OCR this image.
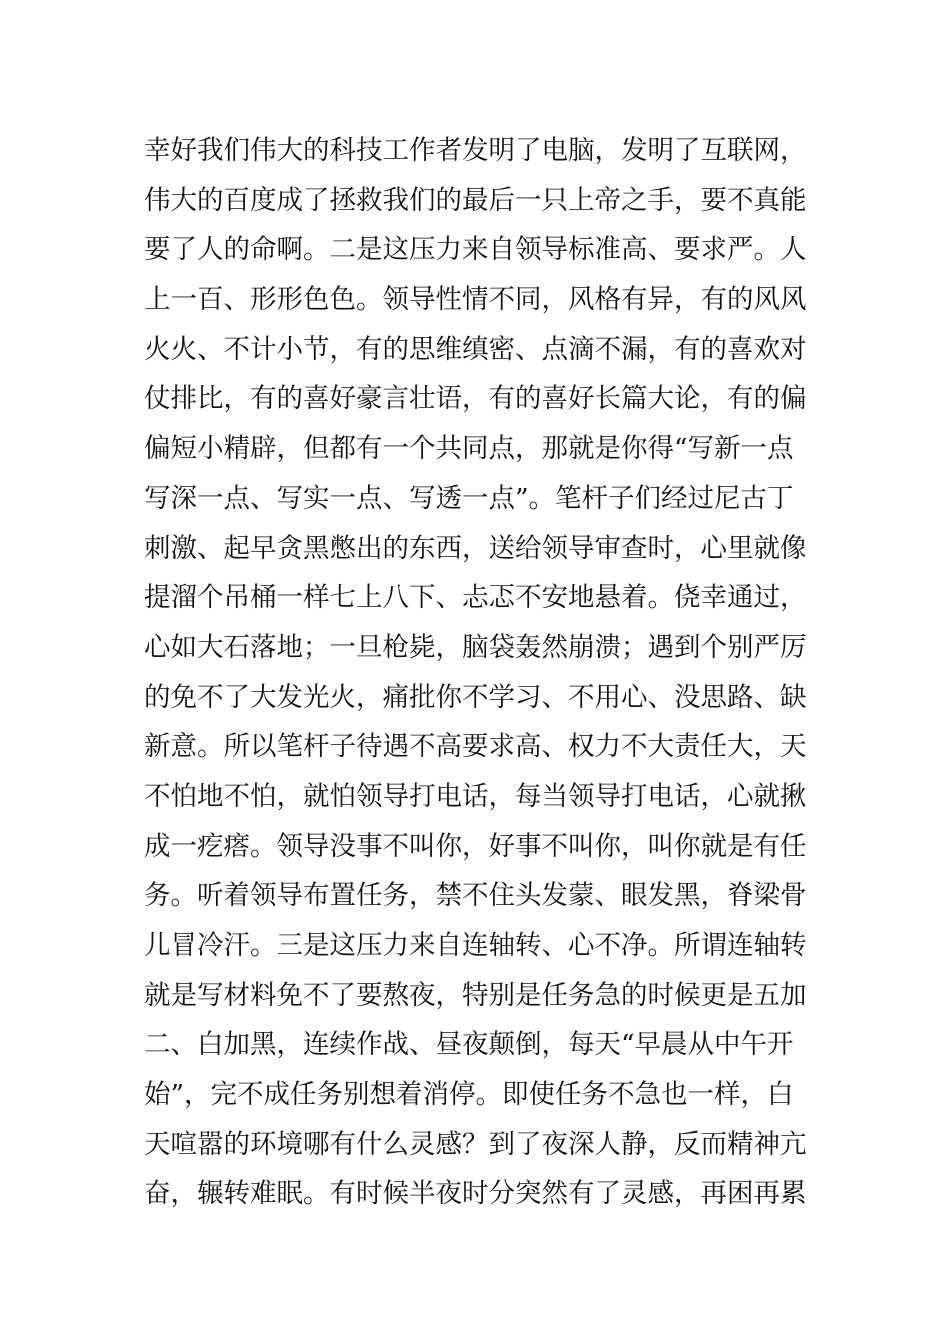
幸好我们伟大的科技工作者发明了电脑，发明了互联网，
伟大的百度成了拯救我们的最后一只上帝之手，要不真能
要了人的命啊。二是这压力来自领导标准高、要求严。人
上一百、形形色色。领导性情不同，风格有异，有的风风
火火、不计小节，有的思维缜密、点滴不漏，有的喜欢对
仗排比，有的喜好豪言壮语，有的喜好长篇大论，有的偏
偏短小精辟，但都有一个共同点，那就是你得“写新一点
写深一点、写实一点、写透一点”。笔杆子们经过尼古丁
刺激、起早贪黑憋出的东西，送给领导审查时，心里就像
提溜个吊桶一样七上八下、忐忑不安地悬着。侥幸通过，
心如大石落地；一旦枪毙，脑袋轰然崩溃；遇到个别严厉
的免不了大发光火，痛批你不学习、不用心、没思路、缺
新意。所以笔杆子待遇不高要求高、权力不大责任大，天
不怕地不怕，就怕领导打电话，每当领导打电话，心就揪
成一疙瘩。领导没事不叫你，好事不叫你，叫你就是有任
务。听着领导布置任务，禁不住头发蒙、眼发黑，脊梁骨
儿冒冷汗。三是这压力来自连轴转、心不净。所谓连轴转
就是写材料免不了要熬夜，特别是任务急的时候更是五加
二、白加黑，连续作战、昼夜颠倒，每天“早晨从中午开
始”，完不成任务别想着消停。即使任务不急也一样，白
天喧嚣的环境哪有什么灵感？到了夜深人静，反而精神亢
奋，辗转难眠。有时候半夜时分突然有了灵感，再困再累
